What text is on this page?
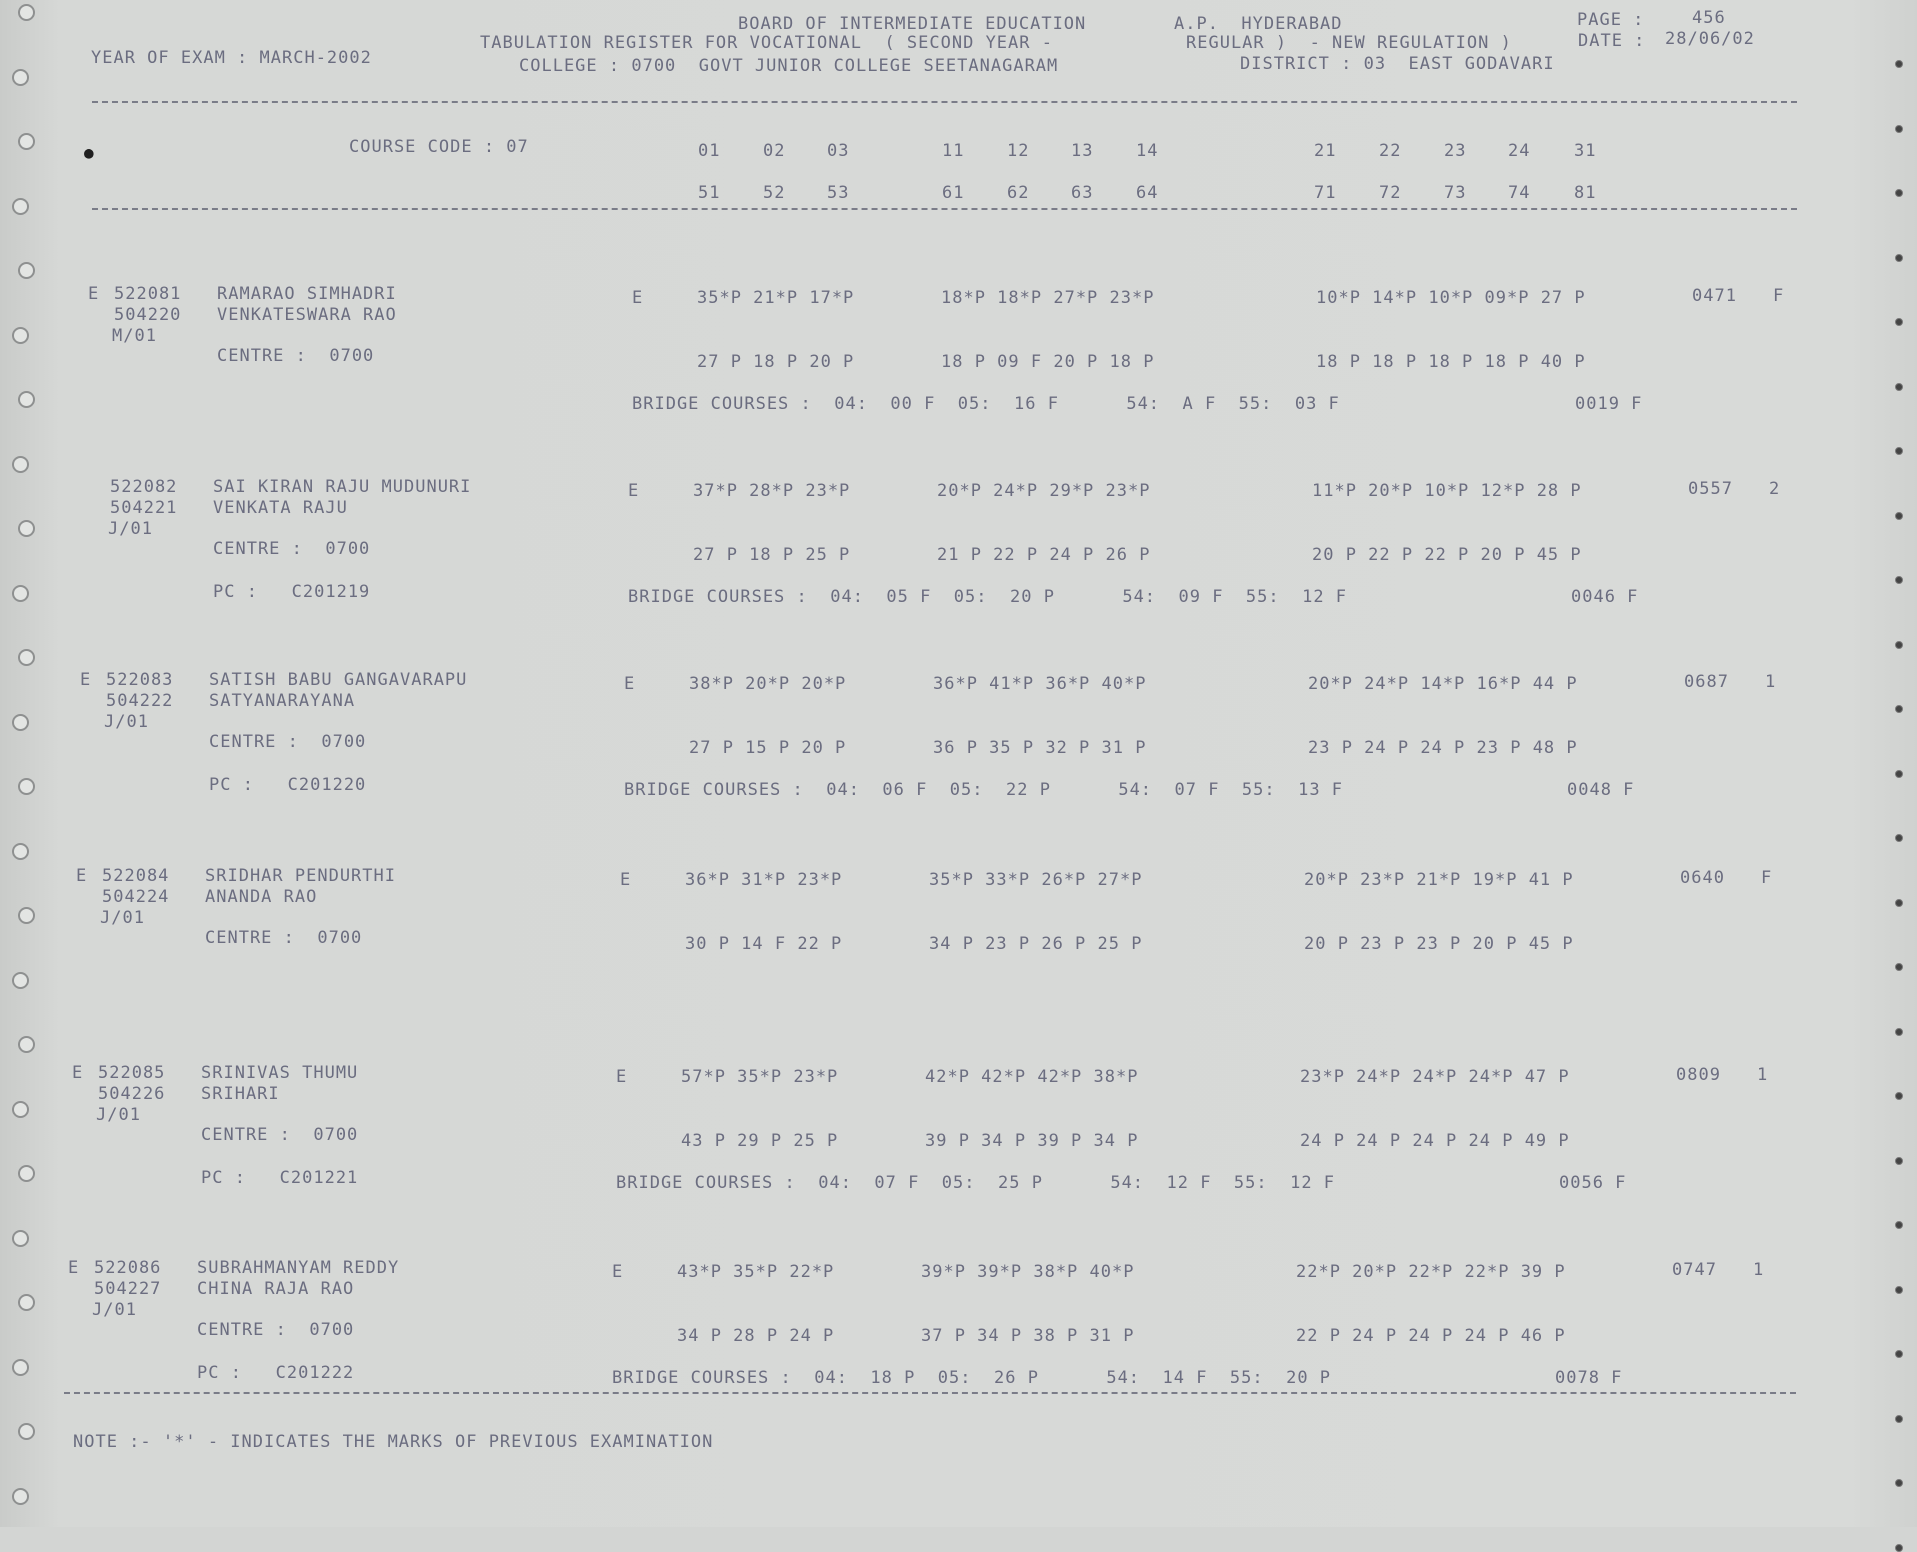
BOARD OF INTERMEDIATE EDUCATION	A.P.  HYDERABAD	PAGE :	456
TABULATION REGISTER FOR VOCATIONAL  ( SECOND YEAR -	REGULAR )  - NEW REGULATION )	DATE : 28/06/02
YEAR OF EXAM : MARCH-2002	COLLEGE : 0700  GOVT JUNIOR COLLEGE SEETANAGARAM	DISTRICT : 03  EAST GODAVARI
●	COURSE CODE : 07	01	02 03	11	12 13	14	21	22	23 24	31
51	52 53	61	62 63	64	71	72	73 74	81
E 522081 RAMARAO SIMHADRI
504220 VENKATESWARA RAO
M/01
CENTRE :  0700
E	35*P 21*P 17*P	18*P 18*P 27*P 23*P	10*P 14*P 10*P 09*P 27 P	0471 F
27 P 18 P 20 P	18 P 09 F 20 P 18 P	18 P 18 P 18 P 18 P 40 P
BRIDGE COURSES :  04:  00 F  05:  16 F      54:  A F  55:  03 F	0019 F
522082 SAI KIRAN RAJU MUDUNURI
504221 VENKATA RAJU
J/01
CENTRE :  0700
PC :   C201219
E	37*P 28*P 23*P	20*P 24*P 29*P 23*P	11*P 20*P 10*P 12*P 28 P	0557 2
27 P 18 P 25 P	21 P 22 P 24 P 26 P	20 P 22 P 22 P 20 P 45 P
BRIDGE COURSES :  04:  05 F  05:  20 P      54:  09 F  55:  12 F	0046 F
E 522083 SATISH BABU GANGAVARAPU
504222 SATYANARAYANA
J/01
CENTRE :  0700
PC :   C201220
E	38*P 20*P 20*P	36*P 41*P 36*P 40*P	20*P 24*P 14*P 16*P 44 P	0687 1
27 P 15 P 20 P	36 P 35 P 32 P 31 P	23 P 24 P 24 P 23 P 48 P
BRIDGE COURSES :  04:  06 F  05:  22 P      54:  07 F  55:  13 F	0048 F
E 522084 SRIDHAR PENDURTHI
504224 ANANDA RAO
J/01
CENTRE :  0700
E	36*P 31*P 23*P	35*P 33*P 26*P 27*P	20*P 23*P 21*P 19*P 41 P	0640 F
30 P 14 F 22 P	34 P 23 P 26 P 25 P	20 P 23 P 23 P 20 P 45 P
E 522085 SRINIVAS THUMU
504226 SRIHARI
J/01
CENTRE :  0700
PC :   C201221
E	57*P 35*P 23*P	42*P 42*P 42*P 38*P	23*P 24*P 24*P 24*P 47 P	0809 1
43 P 29 P 25 P	39 P 34 P 39 P 34 P	24 P 24 P 24 P 24 P 49 P
BRIDGE COURSES :  04:  07 F  05:  25 P      54:  12 F  55:  12 F	0056 F
E 522086 SUBRAHMANYAM REDDY
504227 CHINA RAJA RAO
J/01
CENTRE :  0700
PC :   C201222
E	43*P 35*P 22*P	39*P 39*P 38*P 40*P	22*P 20*P 22*P 22*P 39 P	0747 1
34 P 28 P 24 P	37 P 34 P 38 P 31 P	22 P 24 P 24 P 24 P 46 P
BRIDGE COURSES :  04:  18 P  05:  26 P      54:  14 F  55:  20 P	0078 F
NOTE :- '*' - INDICATES THE MARKS OF PREVIOUS EXAMINATION
